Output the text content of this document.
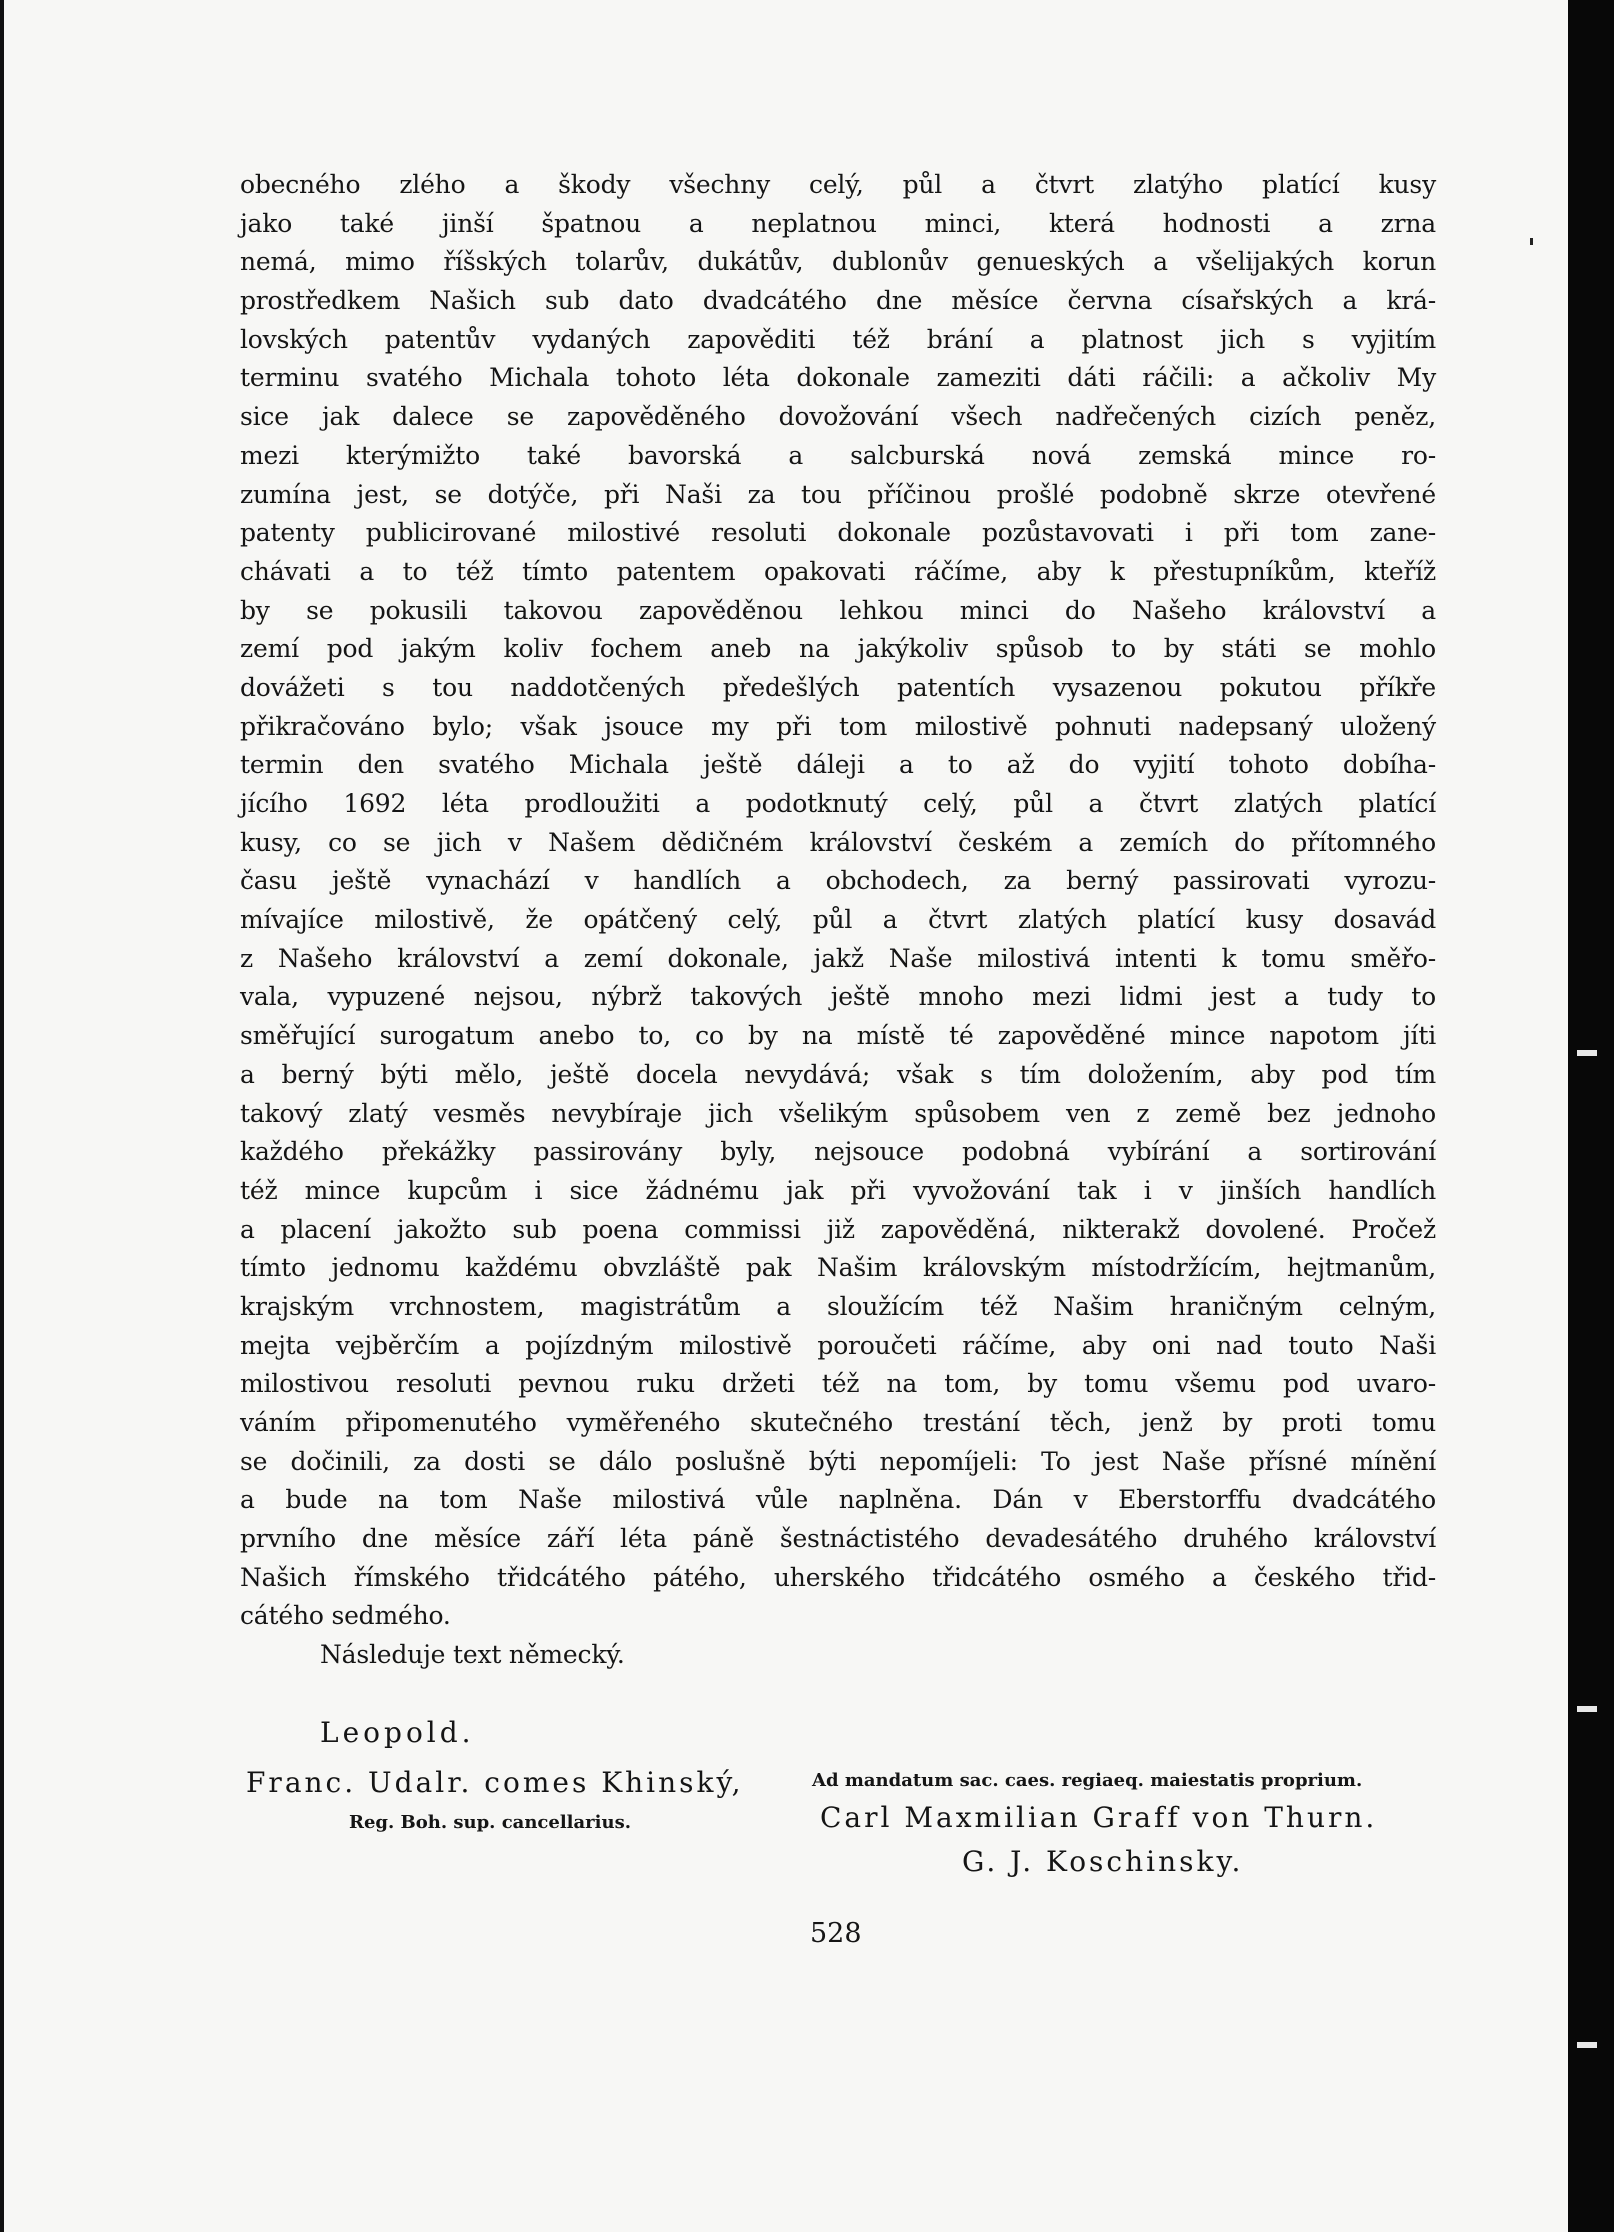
obecného zlého a škody všechny celý, půl a čtvrt zlatýho platící kusy
jako také jinší špatnou a neplatnou minci, která hodnosti a zrna
nemá, mimo říšských tolarův, dukátův, dublonův genueských a všelijakých korun
prostředkem Našich sub dato dvadcátého dne měsíce června císařských a krá-
lovských patentův vydaných zapověditi též brání a platnost jich s vyjitím
terminu svatého Michala tohoto léta dokonale zameziti dáti ráčili: a ačkoliv My
sice jak dalece se zapověděného dovožování všech nadřečených cizích peněz,
mezi kterýmižto také bavorská a salcburská nová zemská mince ro-
zumína jest, se dotýče, při Naši za tou příčinou prošlé podobně skrze otevřené
patenty publicirované milostivé resoluti dokonale pozůstavovati i při tom zane-
chávati a to též tímto patentem opakovati ráčíme, aby k přestupníkům, kteříž
by se pokusili takovou zapověděnou lehkou minci do Našeho království a
zemí pod jakým koliv fochem aneb na jakýkoliv spůsob to by státi se mohlo
dovážeti s tou naddotčených předešlých patentích vysazenou pokutou příkře
přikračováno bylo; však jsouce my při tom milostivě pohnuti nadepsaný uložený
termin den svatého Michala ještě dáleji a to až do vyjití tohoto dobíha-
jícího 1692 léta prodloužiti a podotknutý celý, půl a čtvrt zlatých platící
kusy, co se jich v Našem dědičném království českém a zemích do přítomného
času ještě vynachází v handlích a obchodech, za berný passirovati vyrozu-
mívajíce milostivě, že opátčený celý, půl a čtvrt zlatých platící kusy dosavád
z Našeho království a zemí dokonale, jakž Naše milostivá intenti k tomu směřo-
vala, vypuzené nejsou, nýbrž takových ještě mnoho mezi lidmi jest a tudy to
směřující surogatum anebo to, co by na místě té zapověděné mince napotom jíti
a berný býti mělo, ještě docela nevydává; však s tím doložením, aby pod tím
takový zlatý vesměs nevybíraje jich všelikým spůsobem ven z země bez jednoho
každého překážky passirovány byly, nejsouce podobná vybírání a sortirování
též mince kupcům i sice žádnému jak při vyvožování tak i v jinších handlích
a placení jakožto sub poena commissi již zapověděná, nikterakž dovolené. Pročež
tímto jednomu každému obvzláště pak Našim královským místodržícím, hejtmanům,
krajským vrchnostem, magistrátům a sloužícím též Našim hraničným celným,
mejta vejběrčím a pojízdným milostivě poroučeti ráčíme, aby oni nad touto Naši
milostivou resoluti pevnou ruku držeti též na tom, by tomu všemu pod uvaro-
váním připomenutého vyměřeného skutečného trestání těch, jenž by proti tomu
se dočinili, za dosti se dálo poslušně býti nepomíjeli: To jest Naše přísné mínění
a bude na tom Naše milostivá vůle naplněna. Dán v Eberstorffu dvadcátého
prvního dne měsíce září léta páně šestnáctistého devadesátého druhého království
Našich římského třidcátého pátého, uherského třidcátého osmého a českého třid-
cátého sedmého.
Následuje text německý.
Leopold.
Franc. Udalr. comes Khinský,
Reg. Boh. sup. cancellarius.
Ad mandatum sac. caes. regiaeq. maiestatis proprium.
Carl Maxmilian Graff von Thurn.
G. J. Koschinsky.
528
